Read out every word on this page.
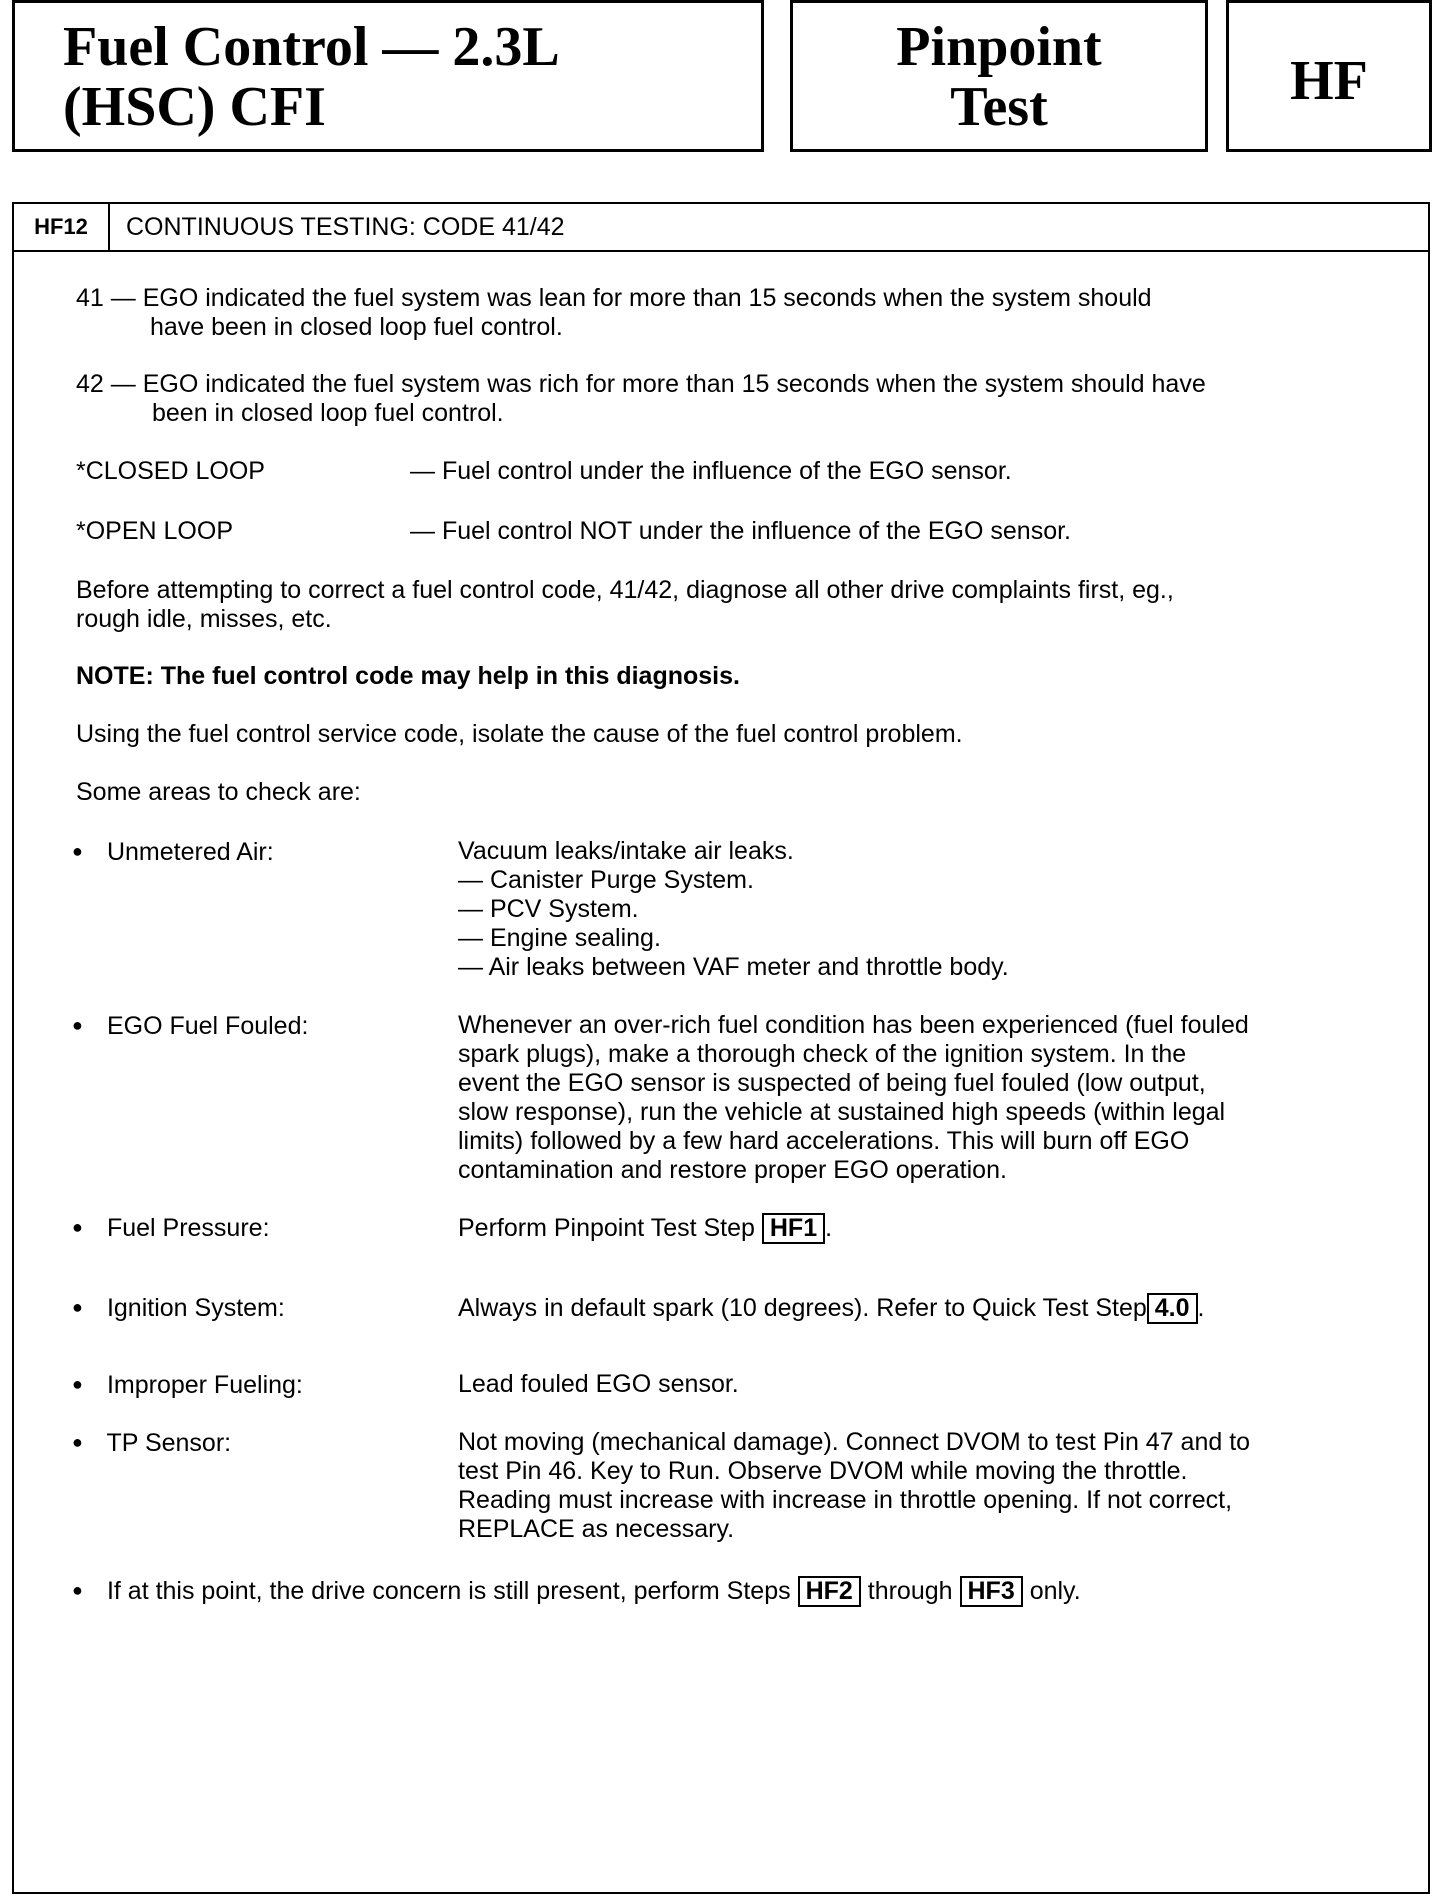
Fuel Control — 2.3L
(HSC) CFI
Pinpoint
Test	HF
HF12	CONTINUOUS TESTING: CODE 41/42
41 — EGO indicated the fuel system was lean for more than 15 seconds when the system should
have been in closed loop fuel control.
42 — EGO indicated the fuel system was rich for more than 15 seconds when the system should have
been in closed loop fuel control.
*CLOSED LOOP	— Fuel control under the influence of the EGO sensor.
*OPEN LOOP	— Fuel control NOT under the influence of the EGO sensor.
Before attempting to correct a fuel control code, 41/42, diagnose all other drive complaints first, eg.,
rough idle, misses, etc.
NOTE: The fuel control code may help in this diagnosis.
Using the fuel control service code, isolate the cause of the fuel control problem.
Some areas to check are:
● Unmetered Air:	Vacuum leaks/intake air leaks.
— Canister Purge System.
— PCV System.
— Engine sealing.
— Air leaks between VAF meter and throttle body.
● EGO Fuel Fouled:	Whenever an over-rich fuel condition has been experienced (fuel fouled
spark plugs), make a thorough check of the ignition system. In the
event the EGO sensor is suspected of being fuel fouled (low output,
slow response), run the vehicle at sustained high speeds (within legal
limits) followed by a few hard accelerations. This will burn off EGO
contamination and restore proper EGO operation.
● Fuel Pressure:	Perform Pinpoint Test Step HF1 .
● Ignition System:	Always in default spark (10 degrees). Refer to Quick Test Step 4.0 .
● Improper Fueling:	Lead fouled EGO sensor.
● TP Sensor:	Not moving (mechanical damage). Connect DVOM to test Pin 47 and to
test Pin 46. Key to Run. Observe DVOM while moving the throttle.
Reading must increase with increase in throttle opening. If not correct,
REPLACE as necessary.
● If at this point, the drive concern is still present, perform Steps HF2 through HF3 only.
